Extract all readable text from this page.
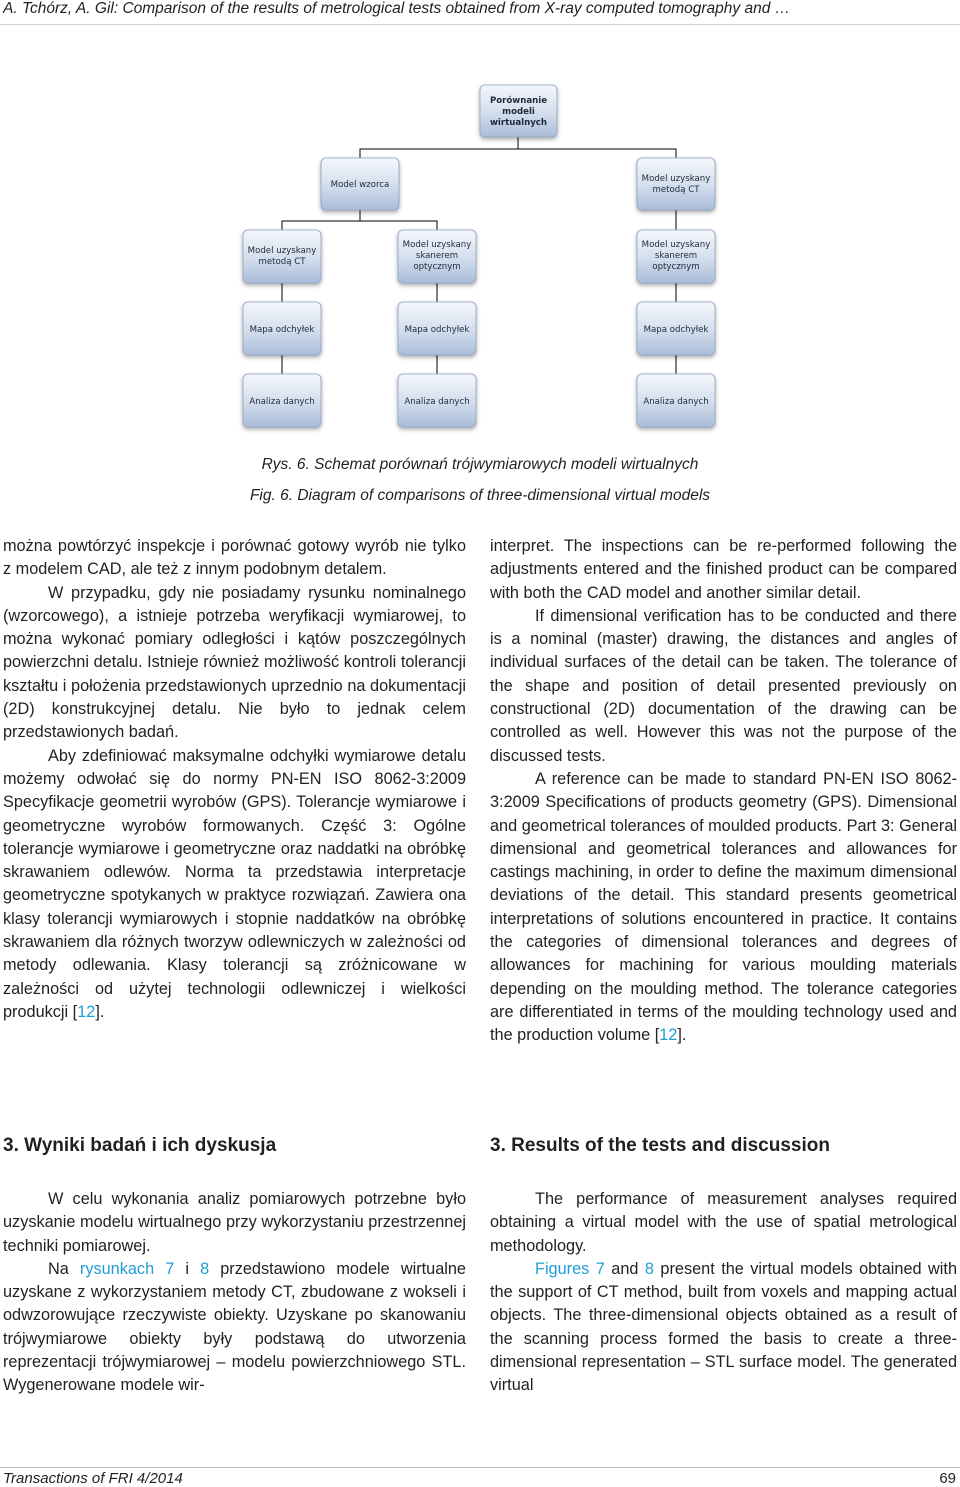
A. Tchórz, A. Gil: Comparison of the results of metrological tests obtained from X-ray computed tomography and …
Porównanie modeli wirtualnych
Model wzorca
Model uzyskany metodą CT
Model uzyskany metodą CT
Model uzyskany skanerem optycznym
Model uzyskany skanerem optycznym
Mapa odchyłek	Mapa odchyłek	Mapa odchyłek
Analiza danych	Analiza danych	Analiza danych
Rys. 6. Schemat porównań trójwymiarowych modeli wirtualnych
Fig. 6. Diagram of comparisons of three-dimensional virtual models

można powtórzyć inspekcje i porównać gotowy wyrób nie tylko z modelem CAD, ale też z innym podobnym detalem.

W przypadku, gdy nie posiadamy rysunku nominalnego (wzorcowego), a istnieje potrzeba weryfikacji wymiarowej, to można wykonać pomiary odległości i kątów poszczególnych powierzchni detalu. Istnieje również możliwość kontroli tolerancji kształtu i położenia przedstawionych uprzednio na dokumentacji (2D) konstrukcyjnej detalu. Nie było to jednak celem przedstawionych badań.

Aby zdefiniować maksymalne odchyłki wymiarowe detalu możemy odwołać się do normy PN-EN ISO 8062-3:2009 Specyfikacje geometrii wyrobów (GPS). Tolerancje wymiarowe i geometryczne wyrobów formowanych. Część 3: Ogólne tolerancje wymiarowe i geometryczne oraz naddatki na obróbkę skrawaniem odlewów. Norma ta przedstawia interpretacje geometryczne spotykanych w praktyce rozwiązań. Zawiera ona klasy tolerancji wymiarowych i stopnie naddatków na obróbkę skrawaniem dla różnych tworzyw odlewniczych w zależności od metody odlewania. Klasy tolerancji są zróżnicowane w zależności od użytej technologii odlewniczej i wielkości produkcji [12].

interpret. The inspections can be re-performed following the adjustments entered and the finished product can be compared with both the CAD model and another similar detail.

If dimensional verification has to be conducted and there is a nominal (master) drawing, the distances and angles of individual surfaces of the detail can be taken. The tolerance of the shape and position of detail presented previously on constructional (2D) documentation of the drawing can be controlled as well. However this was not the purpose of the discussed tests.

A reference can be made to standard PN-EN ISO 8062-3:2009 Specifications of products geometry (GPS). Dimensional and geometrical tolerances of moulded products. Part 3: General dimensional and geometrical tolerances and allowances for castings machining, in order to define the maximum dimensional deviations of the detail. This standard presents geometrical interpretations of solutions encountered in practice. It contains the categories of dimensional tolerances and degrees of allowances for machining for various moulding materials depending on the moulding method. The tolerance categories are differentiated in terms of the moulding technology used and the production volume [12].

3. Wyniki badań i ich dyskusja	3. Results of the tests and discussion

W celu wykonania analiz pomiarowych potrzebne było uzyskanie modelu wirtualnego przy wykorzystaniu przestrzennej techniki pomiarowej.

Na rysunkach 7 i 8 przedstawiono modele wirtualne uzyskane z wykorzystaniem metody CT, zbudowane z wokseli i odwzorowujące rzeczywiste obiekty. Uzyskane po skanowaniu trójwymiarowe obiekty były podstawą do utworzenia reprezentacji trójwymiarowej – modelu powierzchniowego STL. Wygenerowane modele wir-

The performance of measurement analyses required obtaining a virtual model with the use of spatial metrological methodology.

Figures 7 and 8 present the virtual models obtained with the support of CT method, built from voxels and mapping actual objects. The three-dimensional objects obtained as a result of the scanning process formed the basis to create a three-dimensional representation – STL surface model. The generated virtual

Transactions of FRI 4/2014	69
